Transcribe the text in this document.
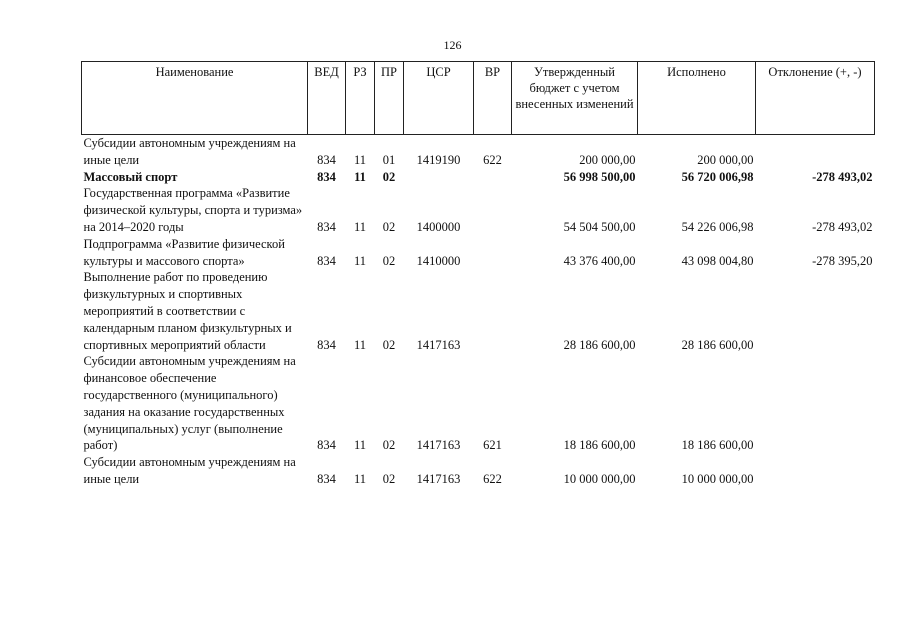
126
Наименование	ВЕД	РЗ	ПР	ЦСР	ВР	Утвержденный бюджет с учетом внесенных изменений	Исполнено	Отклонение (+, -)
Субсидии автономным учреждениям на иные цели	834	11	01	1419190	622	200 000,00	200 000,00	
Массовый спорт	834	11	02			56 998 500,00	56 720 006,98	-278 493,02
Государственная программа «Развитие физической культуры, спорта и туризма» на 2014–2020 годы	834	11	02	1400000		54 504 500,00	54 226 006,98	-278 493,02
Подпрограмма «Развитие физической культуры и массового спорта»	834	11	02	1410000		43 376 400,00	43 098 004,80	-278 395,20
Выполнение работ по проведению физкультурных и спортивных мероприятий в соответствии с календарным планом физкультурных и спортивных мероприятий области	834	11	02	1417163		28 186 600,00	28 186 600,00	
Субсидии автономным учреждениям на финансовое обеспечение государственного (муниципального) задания на оказание государственных (муниципальных) услуг (выполнение работ)	834	11	02	1417163	621	18 186 600,00	18 186 600,00	
Субсидии автономным учреждениям на иные цели	834	11	02	1417163	622	10 000 000,00	10 000 000,00	
